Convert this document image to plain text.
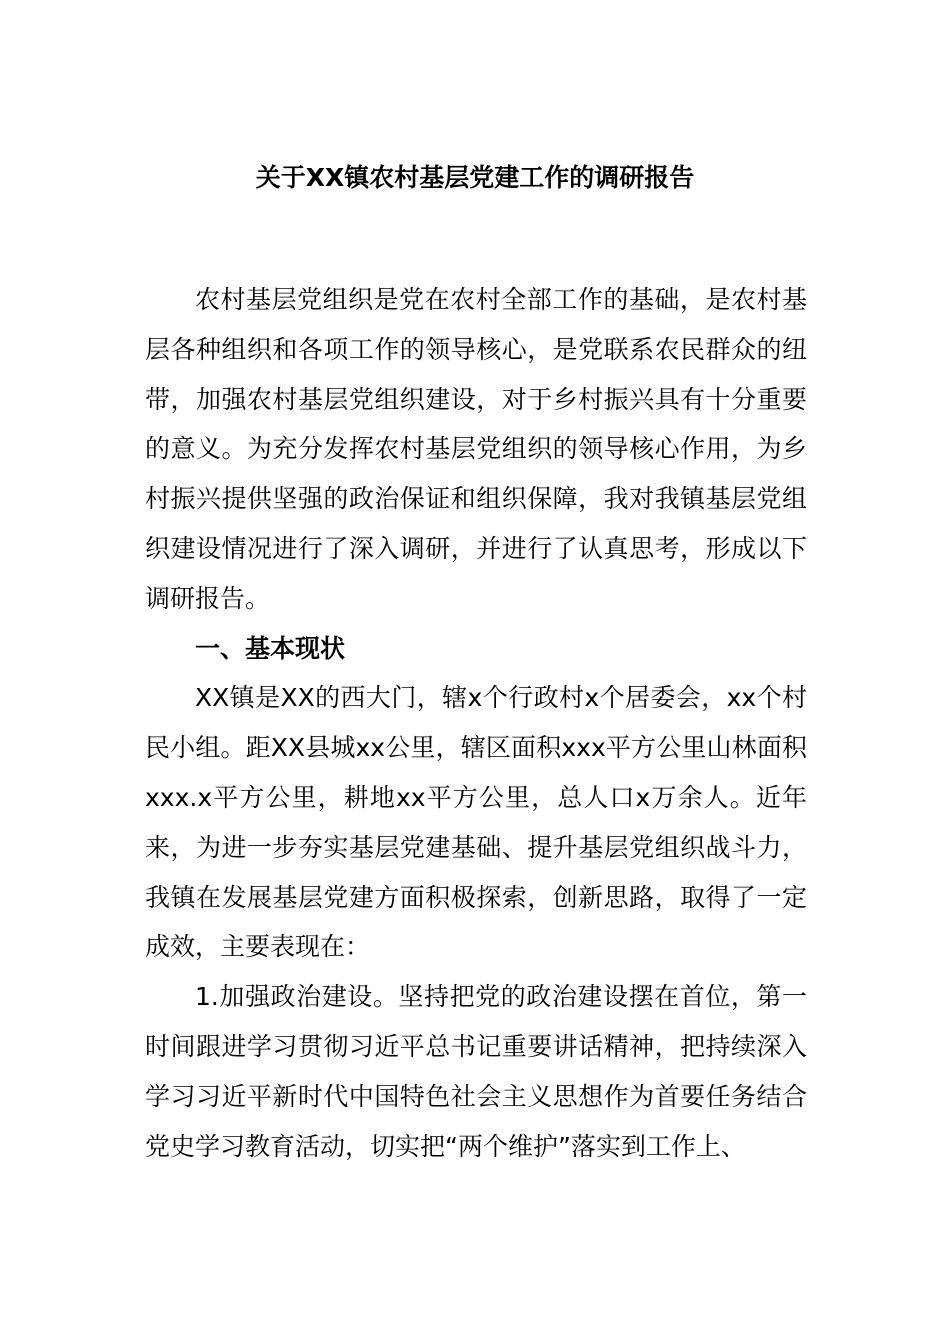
关于XX镇农村基层党建工作的调研报告

农村基层党组织是党在农村全部工作的基础，是农村基层各种组织和各项工作的领导核心，是党联系农民群众的纽带，加强农村基层党组织建设，对于乡村振兴具有十分重要的意义。为充分发挥农村基层党组织的领导核心作用，为乡村振兴提供坚强的政治保证和组织保障，我对我镇基层党组织建设情况进行了深入调研，并进行了认真思考，形成以下调研报告。

一、基本现状

XX镇是XX的西大门，辖x个行政村x个居委会，xx个村民小组。距XX县城xx公里，辖区面积xxx平方公里山林面积xxx.x平方公里，耕地xx平方公里，总人口x万余人。近年来，为进一步夯实基层党建基础、提升基层党组织战斗力，我镇在发展基层党建方面积极探索，创新思路，取得了一定成效，主要表现在：

1.加强政治建设。坚持把党的政治建设摆在首位，第一时间跟进学习贯彻习近平总书记重要讲话精神，把持续深入学习习近平新时代中国特色社会主义思想作为首要任务结合党史学习教育活动，切实把“两个维护”落实到工作上、
